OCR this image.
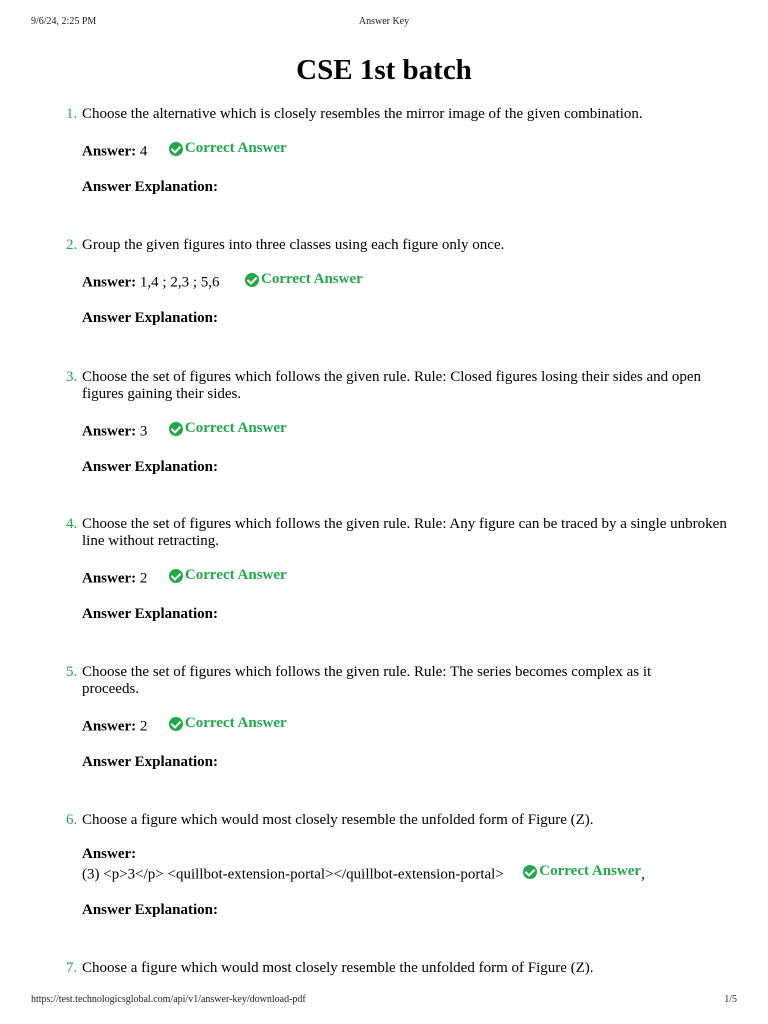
9/6/24, 2:25 PM	Answer Key
CSE 1st batch
1. Choose the alternative which is closely resembles the mirror image of the given combination.
Answer: 4	Correct Answer
Answer Explanation:
2. Group the given figures into three classes using each figure only once.
Answer: 1,4 ; 2,3 ; 5,6	Correct Answer
Answer Explanation:
3. Choose the set of figures which follows the given rule. Rule: Closed figures losing their sides and open figures gaining their sides.
Answer: 3	Correct Answer
Answer Explanation:
4. Choose the set of figures which follows the given rule. Rule: Any figure can be traced by a single unbroken line without retracting.
Answer: 2	Correct Answer
Answer Explanation:
5. Choose the set of figures which follows the given rule. Rule: The series becomes complex as it proceeds.
Answer: 2	Correct Answer
Answer Explanation:
6. Choose a figure which would most closely resemble the unfolded form of Figure (Z).
Answer:
(3) <p>3</p> <quillbot-extension-portal></quillbot-extension-portal> Correct Answer ,
Answer Explanation:
7. Choose a figure which would most closely resemble the unfolded form of Figure (Z).
https://test.technologicsglobal.com/api/v1/answer-key/download-pdf	1/5
